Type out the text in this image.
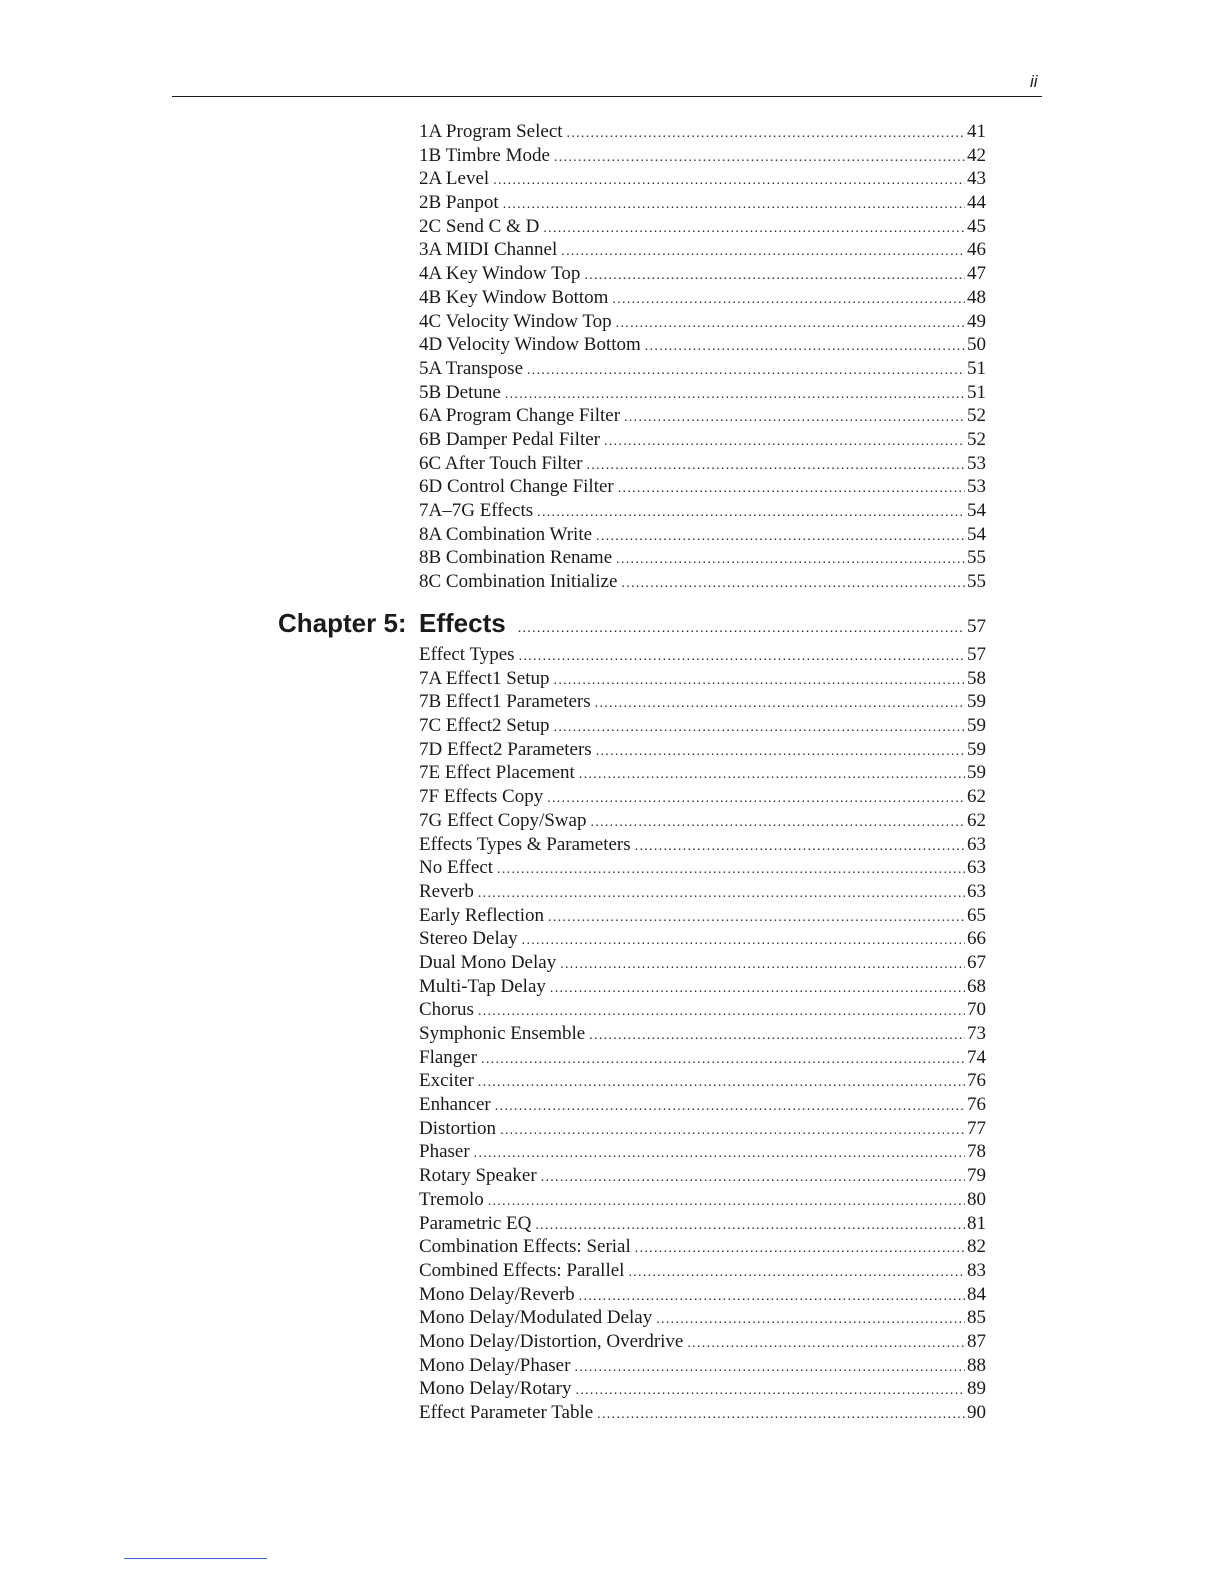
ii
1A Program Select .....	41
1B Timbre Mode .....	42
2A Level .....	43
2B Panpot .....	44
2C Send C & D .....	45
3A MIDI Channel .....	46
4A Key Window Top .....	47
4B Key Window Bottom .....	48
4C Velocity Window Top .....	49
4D Velocity Window Bottom .....	50
5A Transpose .....	51
5B Detune .....	51
6A Program Change Filter .....	52
6B Damper Pedal Filter .....	52
6C After Touch Filter .....	53
6D Control Change Filter .....	53
7A–7G Effects .....	54
8A Combination Write .....	54
8B Combination Rename .....	55
8C Combination Initialize .....	55
Chapter 5: Effects .....	57
Effect Types .....	57
7A Effect1 Setup .....	58
7B Effect1 Parameters .....	59
7C Effect2 Setup .....	59
7D Effect2 Parameters .....	59
7E Effect Placement .....	59
7F Effects Copy .....	62
7G Effect Copy/Swap .....	62
Effects Types & Parameters .....	63
No Effect .....	63
Reverb .....	63
Early Reflection .....	65
Stereo Delay .....	66
Dual Mono Delay .....	67
Multi-Tap Delay .....	68
Chorus .....	70
Symphonic Ensemble .....	73
Flanger .....	74
Exciter .....	76
Enhancer .....	76
Distortion .....	77
Phaser .....	78
Rotary Speaker .....	79
Tremolo .....	80
Parametric EQ .....	81
Combination Effects: Serial .....	82
Combined Effects: Parallel .....	83
Mono Delay/Reverb .....	84
Mono Delay/Modulated Delay .....	85
Mono Delay/Distortion, Overdrive .....	87
Mono Delay/Phaser .....	88
Mono Delay/Rotary .....	89
Effect Parameter Table .....	90
